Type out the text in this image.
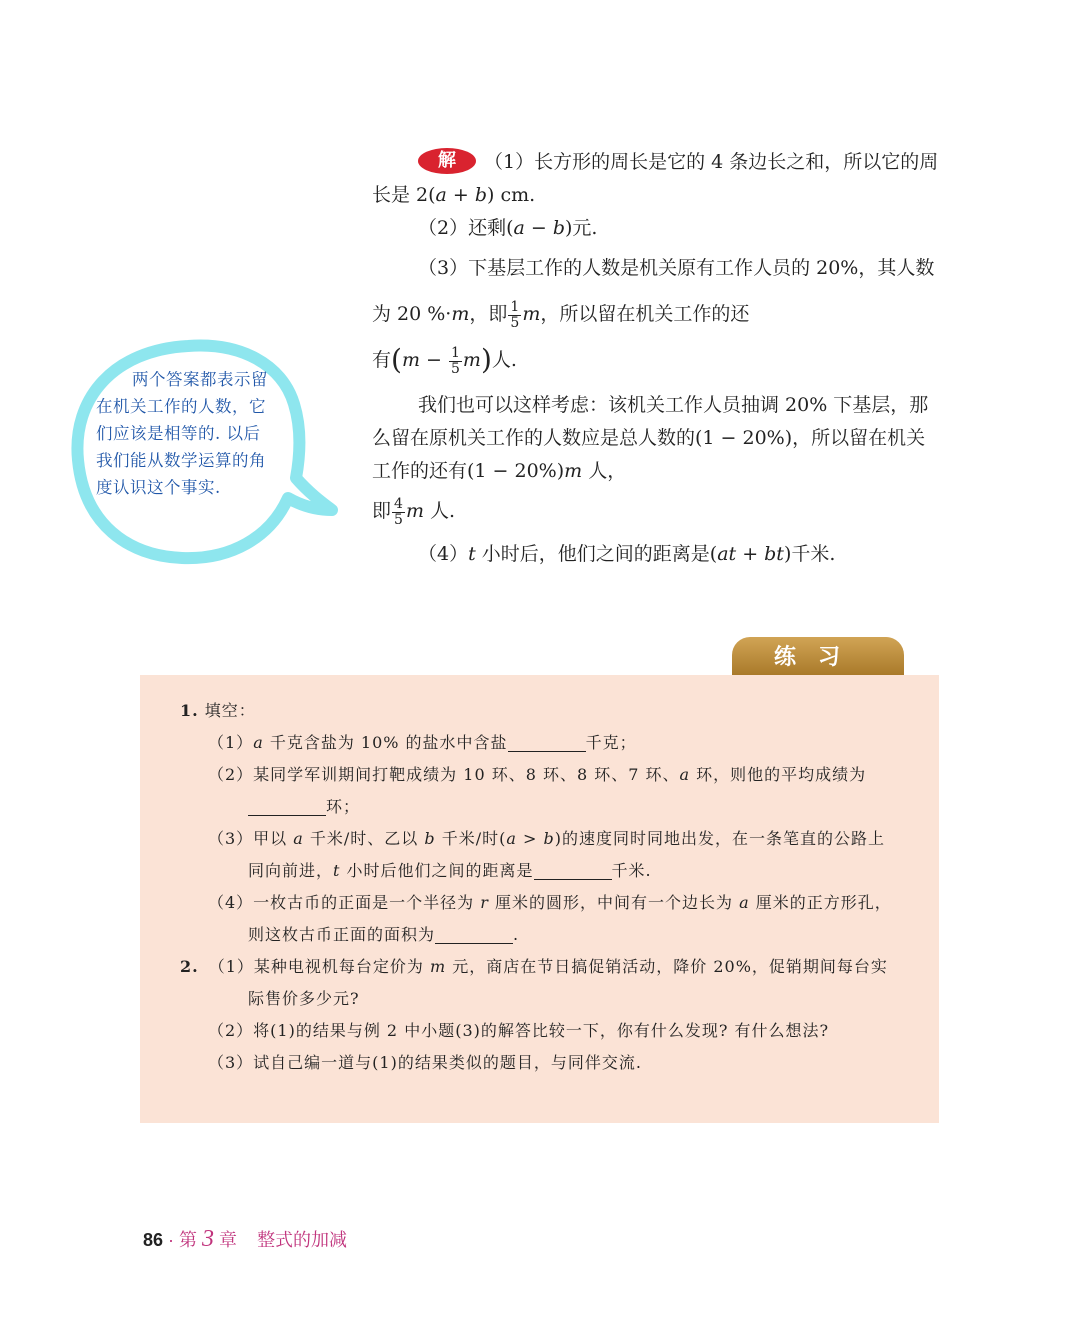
解 （1）长方形的周长是它的 4 条边长之和，所以它的周长是 2(a + b) cm.

（2）还剩(a − b)元.

（3）下基层工作的人数是机关原有工作人员的 20%，其人数为 20 %·m，即 $\frac{1}{5}$ m，所以留在机关工作的还

有$(m - \frac{1}{5} m)$人.

我们也可以这样考虑：该机关工作人员抽调 20% 下基层，那么留在原机关工作的人数应是总人数的(1 − 20%)，所以留在机关工作的还有(1 − 20%)m 人，

即 $\frac{4}{5}$ m 人.

（4）t 小时后，他们之间的距离是(at + bt)千米.

两个答案都表示留在机关工作的人数，它们应该是相等的. 以后我们能从数学运算的角度认识这个事实.
练习

1. 填空：

（1）a 千克含盐为 10% 的盐水中含盐	千克；

（2）某同学军训期间打靶成绩为 10 环、8 环、8 环、7 环、a 环，则他的平均成绩为
环；

（3）甲以 a 千米/时、乙以 b 千米/时(a > b)的速度同时同地出发，在一条笔直的公路上同向前进，t 小时后他们之间的距离是	千米.

（4）一枚古币的正面是一个半径为 r 厘米的圆形，中间有一个边长为 a 厘米的正方形孔，则这枚古币正面的面积为	.

2. （1）某种电视机每台定价为 m 元，商店在节日搞促销活动，降价 20%，促销期间每台实际售价多少元?

（2）将(1)的结果与例 2 中小题(3)的解答比较一下，你有什么发现? 有什么想法?

（3）试自己编一道与(1)的结果类似的题目，与同伴交流.

86 · 第 3 章 整式的加减
